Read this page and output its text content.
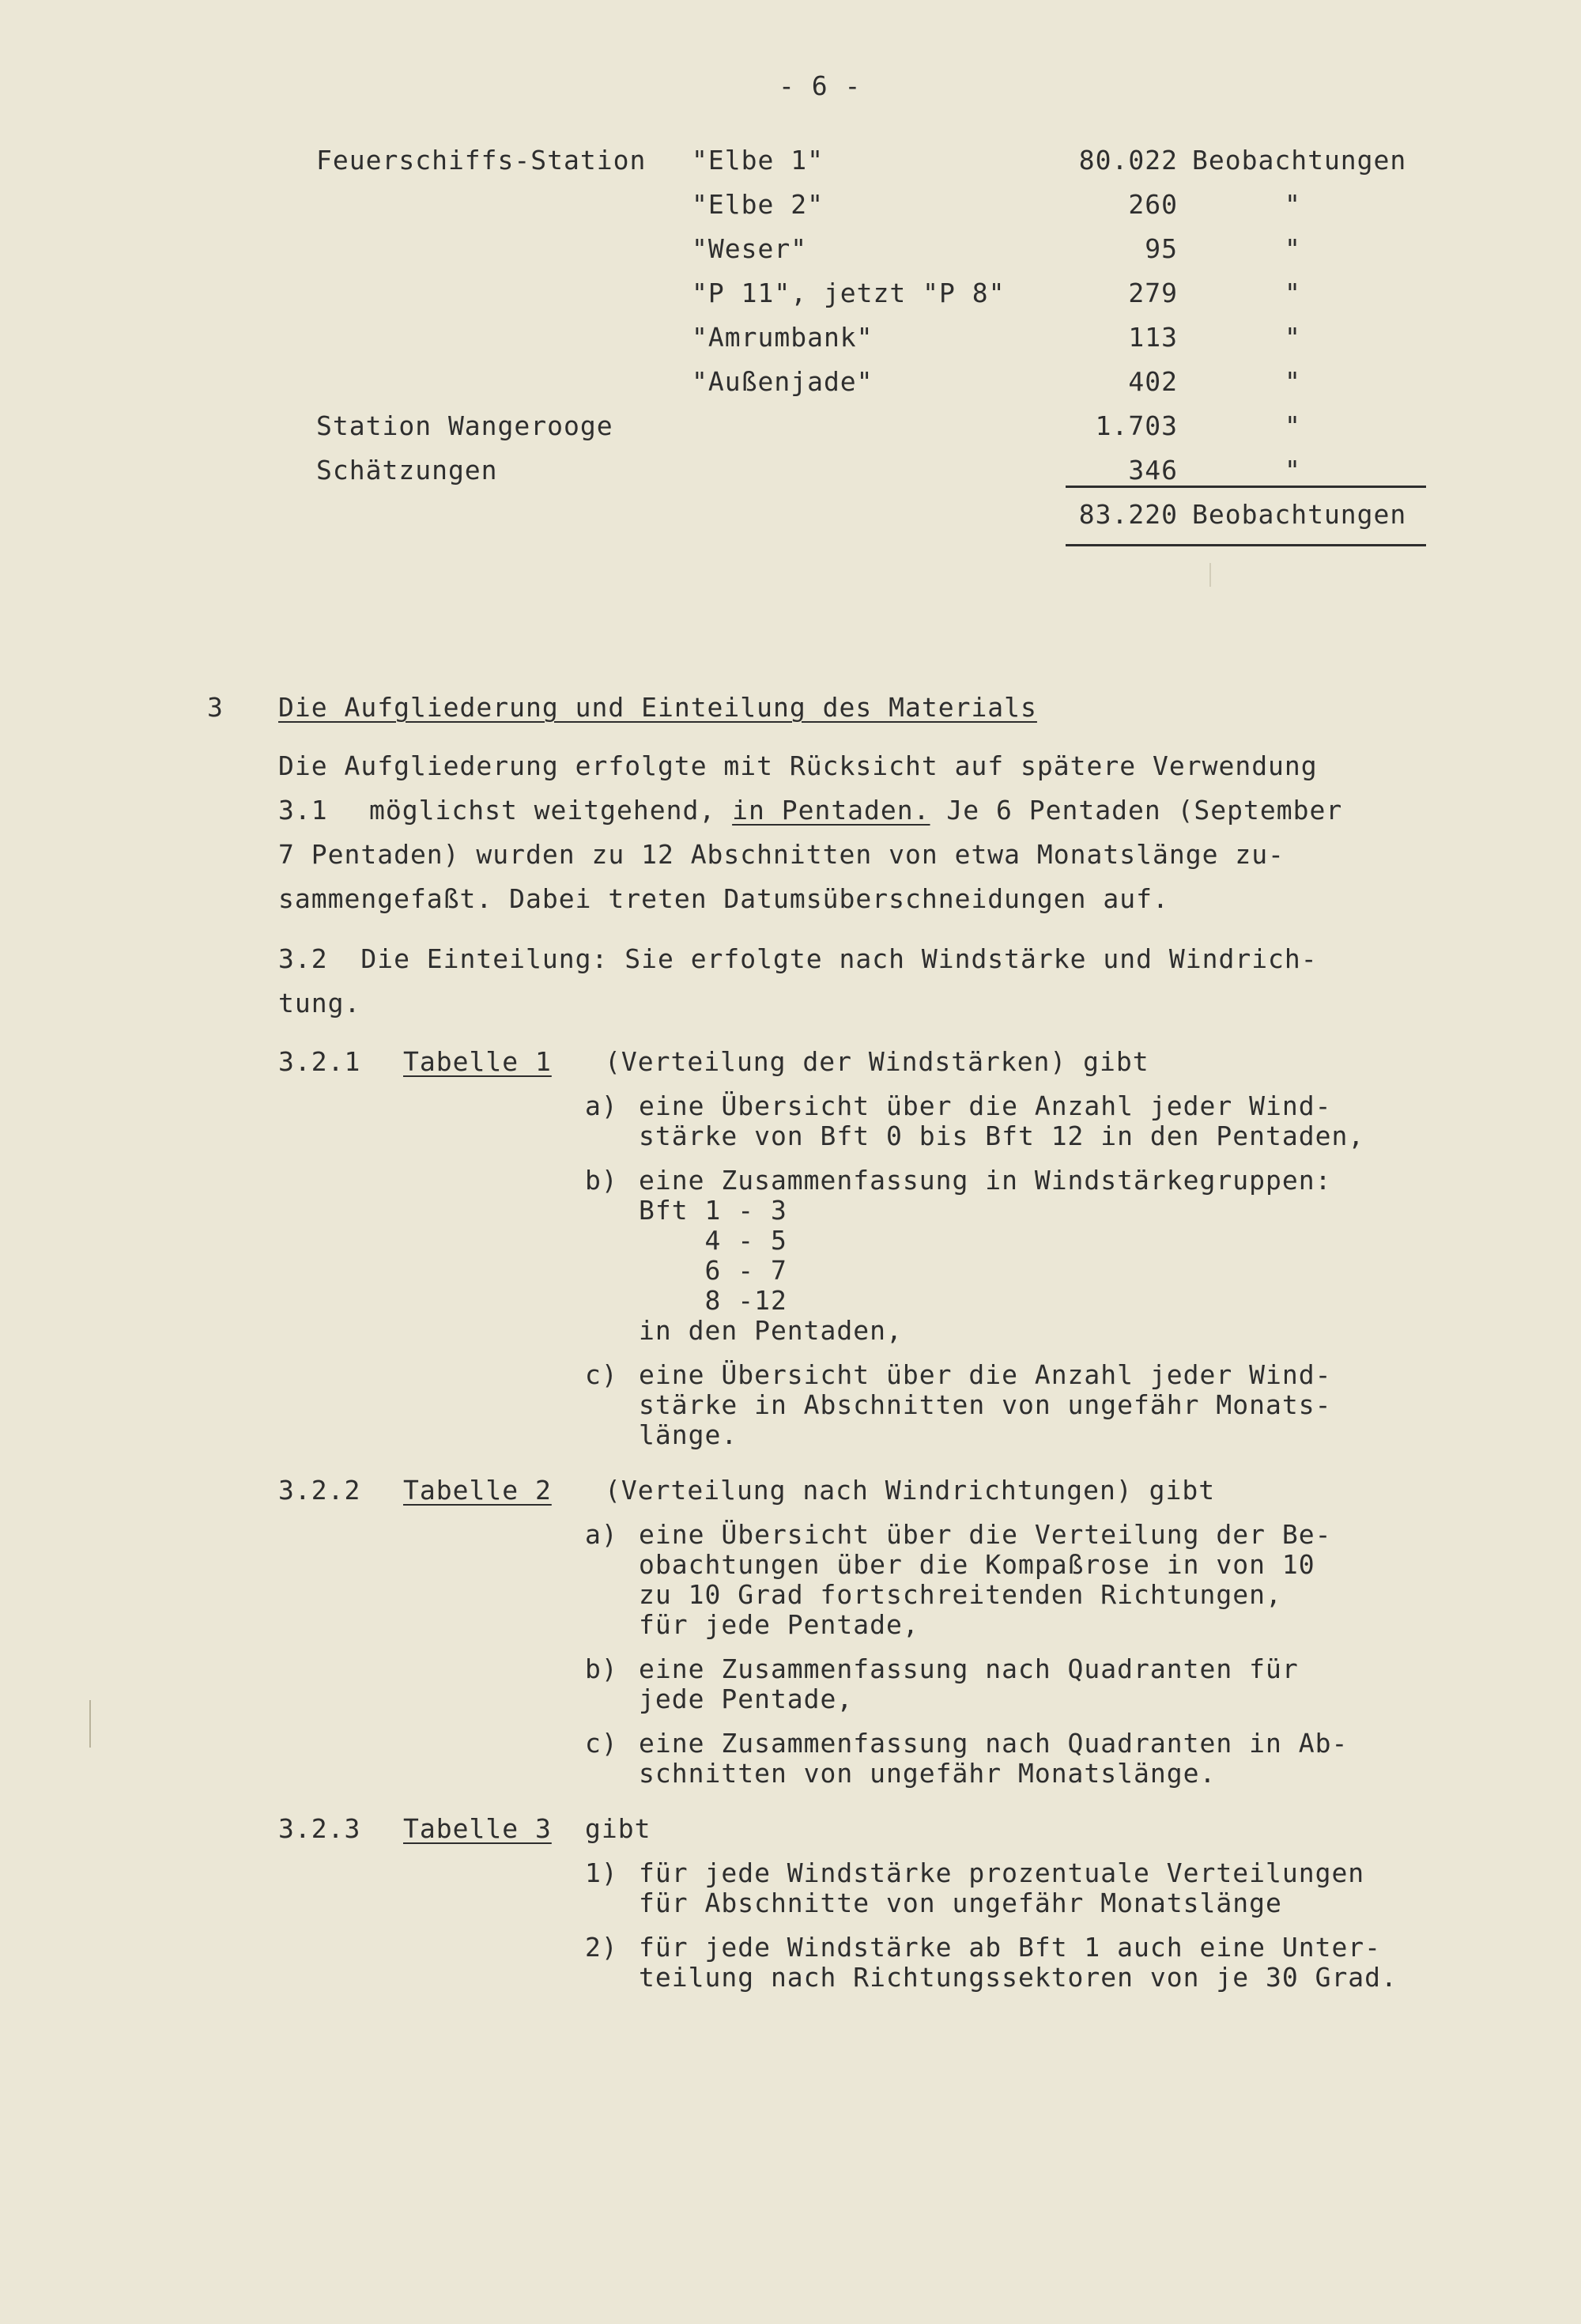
- 6 -
Feuerschiffs-Station "Elbe 1"	80.022 Beobachtungen
"Elbe 2"	260	"
"Weser"	95	"
"P 11", jetzt "P 8"	279	"
"Amrumbank"	113	"
"Außenjade"	402	"
Station Wangerooge	1.703	"
Schätzungen	346	"
83.220 Beobachtungen
3 Die Aufgliederung und Einteilung des Materials
Die Aufgliederung erfolgte mit Rücksicht auf spätere Verwendung
3.1 möglichst weitgehend, in Pentaden. Je 6 Pentaden (September
7 Pentaden) wurden zu 12 Abschnitten von etwa Monatslänge zu-
sammengefaßt. Dabei treten Datumsüberschneidungen auf.
3.2  Die Einteilung: Sie erfolgte nach Windstärke und Windrich-
tung.
3.2.1 Tabelle 1 (Verteilung der Windstärken) gibt
a) eine Übersicht über die Anzahl jeder Wind-
stärke von Bft 0 bis Bft 12 in den Pentaden,
b) eine Zusammenfassung in Windstärkegruppen:
Bft 1 - 3
4 - 5
6 - 7
8 -12
in den Pentaden,
c) eine Übersicht über die Anzahl jeder Wind-
stärke in Abschnitten von ungefähr Monats-
länge.
3.2.2 Tabelle 2 (Verteilung nach Windrichtungen) gibt
a) eine Übersicht über die Verteilung der Be-
obachtungen über die Kompaßrose in von 10
zu 10 Grad fortschreitenden Richtungen,
für jede Pentade,
b) eine Zusammenfassung nach Quadranten für
jede Pentade,
c) eine Zusammenfassung nach Quadranten in Ab-
schnitten von ungefähr Monatslänge.
3.2.3 Tabelle 3 gibt
1) für jede Windstärke prozentuale Verteilungen
für Abschnitte von ungefähr Monatslänge
2) für jede Windstärke ab Bft 1 auch eine Unter-
teilung nach Richtungssektoren von je 30 Grad.
